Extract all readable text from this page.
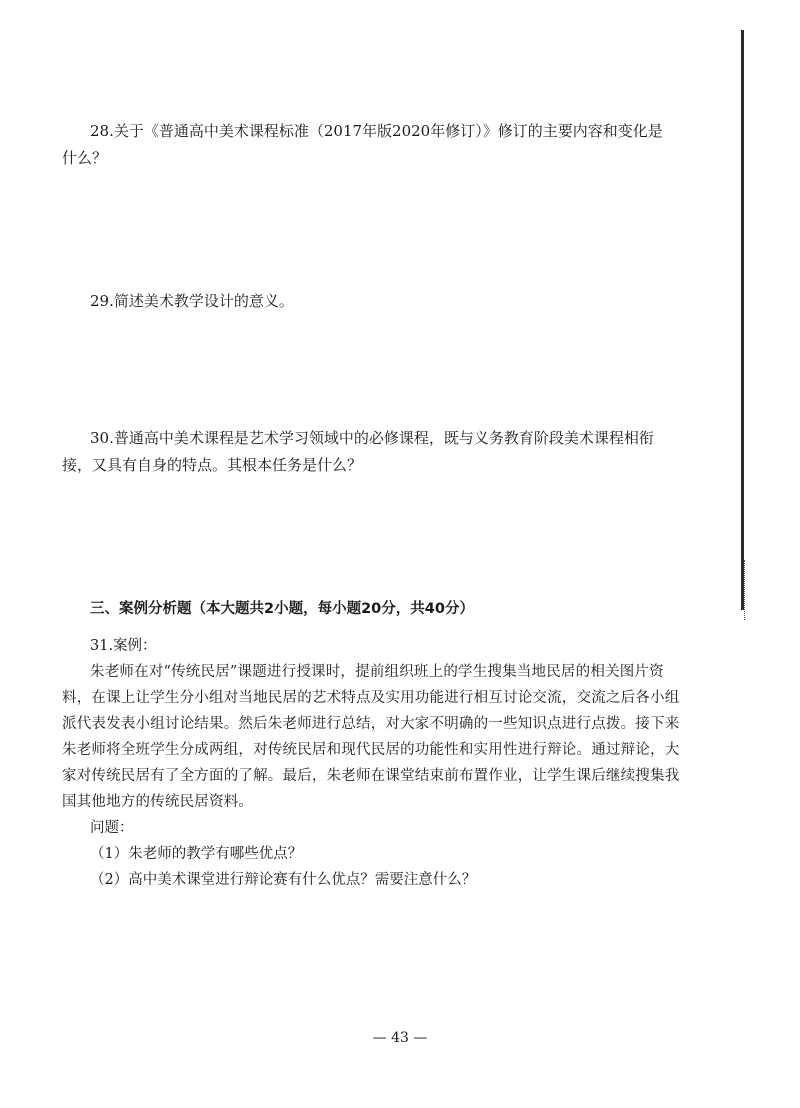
28.关于《普通高中美术课程标准（2017年版2020年修订）》修订的主要内容和变化是
什么？
29.简述美术教学设计的意义。
30.普通高中美术课程是艺术学习领域中的必修课程，既与义务教育阶段美术课程相衔
接，又具有自身的特点。其根本任务是什么？
三、案例分析题（本大题共2小题，每小题20分，共40分）

31.案例：

朱老师在对“传统民居”课题进行授课时，提前组织班上的学生搜集当地民居的相关图片资料，在课上让学生分小组对当地民居的艺术特点及实用功能进行相互讨论交流，交流之后各小组派代表发表小组讨论结果。然后朱老师进行总结，对大家不明确的一些知识点进行点拨。接下来朱老师将全班学生分成两组，对传统民居和现代民居的功能性和实用性进行辩论。通过辩论，大家对传统民居有了全方面的了解。最后，朱老师在课堂结束前布置作业，让学生课后继续搜集我国其他地方的传统民居资料。

问题：

（1）朱老师的教学有哪些优点？

（2）高中美术课堂进行辩论赛有什么优点？需要注意什么？

— 43 —
